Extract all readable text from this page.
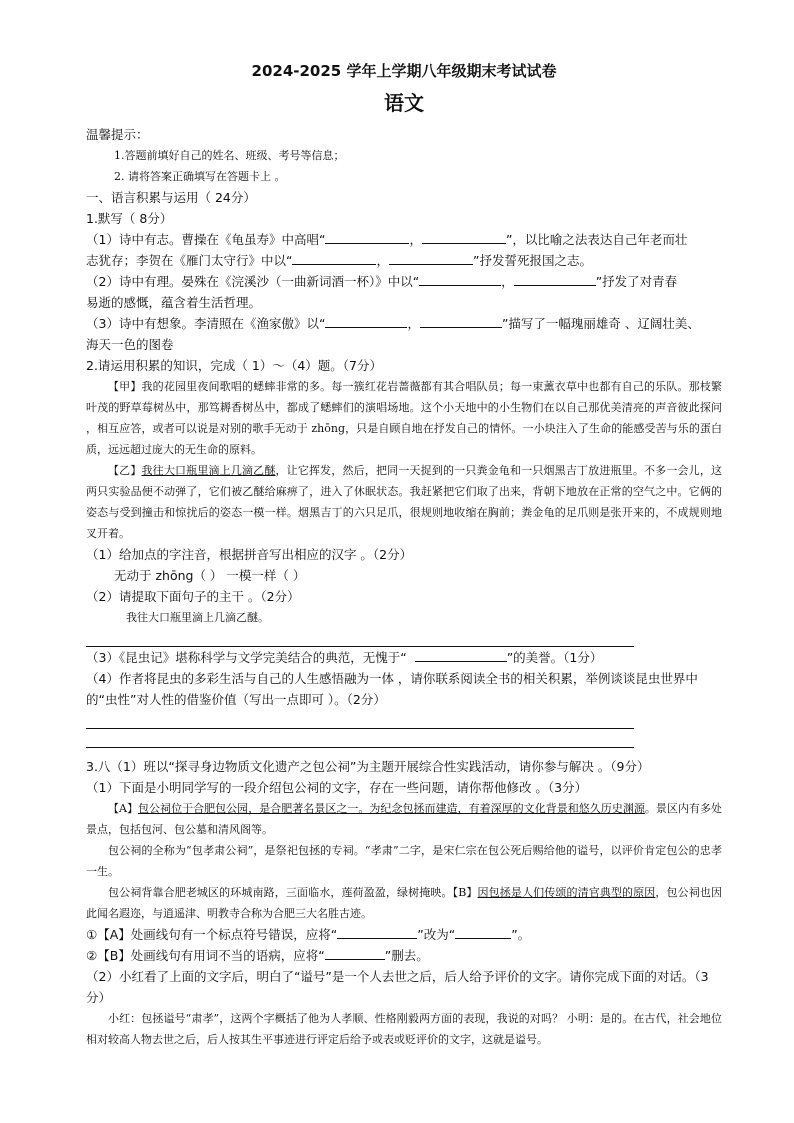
2024-2025 学年上学期八年级期末考试试卷
语文
温馨提示：
1.答题前填好自己的姓名、班级、考号等信息；
2. 请将答案正确填写在答题卡上 。
一、语言积累与运用（ 24分）
1.默写（ 8分）
（1）诗中有志。曹操在《龟虽寿》中高唱“	，	”，以比喻之法表达自己年老而壮
志犹存；李贺在《雁门太守行》中以“	，	”抒发誓死报国之志。
（2）诗中有理。晏殊在《浣溪沙（一曲新词酒一杯）》中以“	，	”抒发了对青春
易逝的感慨，蕴含着生活哲理。
（3）诗中有想象。李清照在《渔家傲》以“	，	”描写了一幅瑰丽雄奇 、辽阔壮美、
海天一色的图卷
2.请运用积累的知识，完成（ 1）～（4）题。（7分）
【甲】我的花园里夜间歌唱的蟋蟀非常的多。每一簇红花岩蔷薇都有其合唱队员；每一束薰衣草中也都有自己的乐队。那枝繁叶茂的野草莓树丛中，那笃耨香树丛中，都成了蟋蟀们的演唱场地。这个小天地中的小生物们在以自己那优美清亮的声音彼此探问 ，相互应答，或者可以说是对别的歌手无动于 zhōng，只是自顾自地在抒发自己的情怀。一小块注入了生命的能感受苦与乐的蛋白质，远远超过庞大的无生命的原料。
【乙】我往大口瓶里滴上几滴乙醚，让它挥发，然后，把同一天捉到的一只粪金龟和一只烟黑吉丁放进瓶里。不多一会儿，这两只实验品便不动弹了，它们被乙醚给麻痹了，进入了休眠状态。我赶紧把它们取了出来，背朝下地放在正常的空气之中。它俩的姿态与受到撞击和惊扰后的姿态一模一样。烟黑吉丁的六只足爪，很规则地收缩在胸前；粪金龟的足爪则是张开来的，不成规则地叉开着。
（1）给加点的字注音，根据拼音写出相应的汉字 。（2分）
无动于 zhōng（ ） 一模一样（ ）
（2）请提取下面句子的主干 。（2分）
我往大口瓶里滴上几滴乙醚。
（3）《昆虫记》堪称科学与文学完美结合的典范，无愧于“	”的美誉。（1分）
（4）作者将昆虫的多彩生活与自己的人生感悟融为一体 ，请你联系阅读全书的相关积累，举例谈谈昆虫世界中的“虫性”对人性的借鉴价值（写出一点即可 ）。（2分）
3.八（1）班以“探寻身边物质文化遗产之包公祠”为主题开展综合性实践活动，请你参与解决 。（9分）
（1）下面是小明同学写的一段介绍包公祠的文字，存在一些问题，请你帮他修改 。（3分）
【A】包公祠位于合肥包公园，是合肥著名景区之一。为纪念包拯而建造，有着深厚的文化背景和悠久历史渊源。景区内有多处景点，包括包河、包公墓和清风阁等。
包公祠的全称为“包孝肃公祠”，是祭祀包拯的专祠。“孝肃”二字，是宋仁宗在包公死后赐给他的谥号，以评价肯定包公的忠孝一生。
包公祠背靠合肥老城区的环城南路，三面临水，莲荷盈盈，绿树掩映。【B】因包拯是人们传颂的清官典型的原因，包公祠也因此闻名遐迩，与逍遥津、明教寺合称为合肥三大名胜古迹。
①【A】处画线句有一个标点符号错误，应将“	”改为“	”。
②【B】处画线句有用词不当的语病，应将“	”删去。
（2）小红看了上面的文字后，明白了“谥号”是一个人去世之后，后人给予评价的文字。请你完成下面的对话。（3分）
小红：包拯谥号“肃孝”，这两个字概括了他为人孝顺、性格刚毅两方面的表现，我说的对吗？ 小明：是的。在古代，社会地位相对较高人物去世之后，后人按其生平事迹进行评定后给予或表或贬评价的文字，这就是谥号。
